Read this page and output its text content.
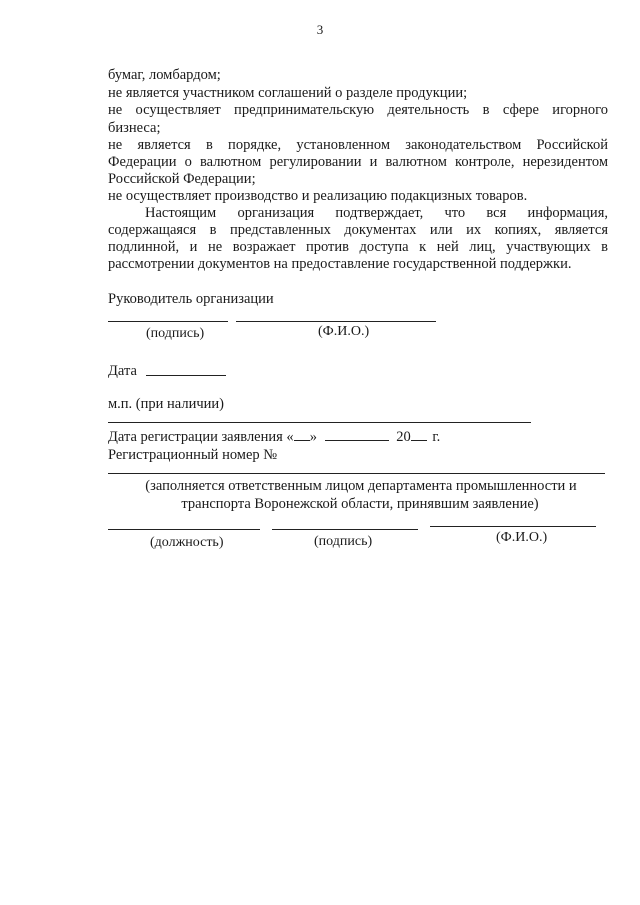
3
бумаг, ломбардом;
не является участником соглашений о разделе продукции;
не осуществляет предпринимательскую деятельность в сфере игорного
бизнеса;
не является в порядке, установленном законодательством Российской
Федерации о валютном регулировании и валютном контроле, нерезидентом
Российской Федерации;
не осуществляет производство и реализацию подакцизных товаров.
Настоящим организация подтверждает, что вся информация,
содержащаяся в представленных документах или их копиях, является
подлинной, и не возражает против доступа к ней лиц, участвующих в
рассмотрении документов на предоставление государственной поддержки.
Руководитель организации
(подпись)	(Ф.И.О.)
Дата
м.п. (при наличии)
Дата регистрации заявления « »	20 г.
Регистрационный номер №
(заполняется ответственным лицом департамента промышленности и
транспорта Воронежской области, принявшим заявление)
(должность)	(подпись)	(Ф.И.О.)
